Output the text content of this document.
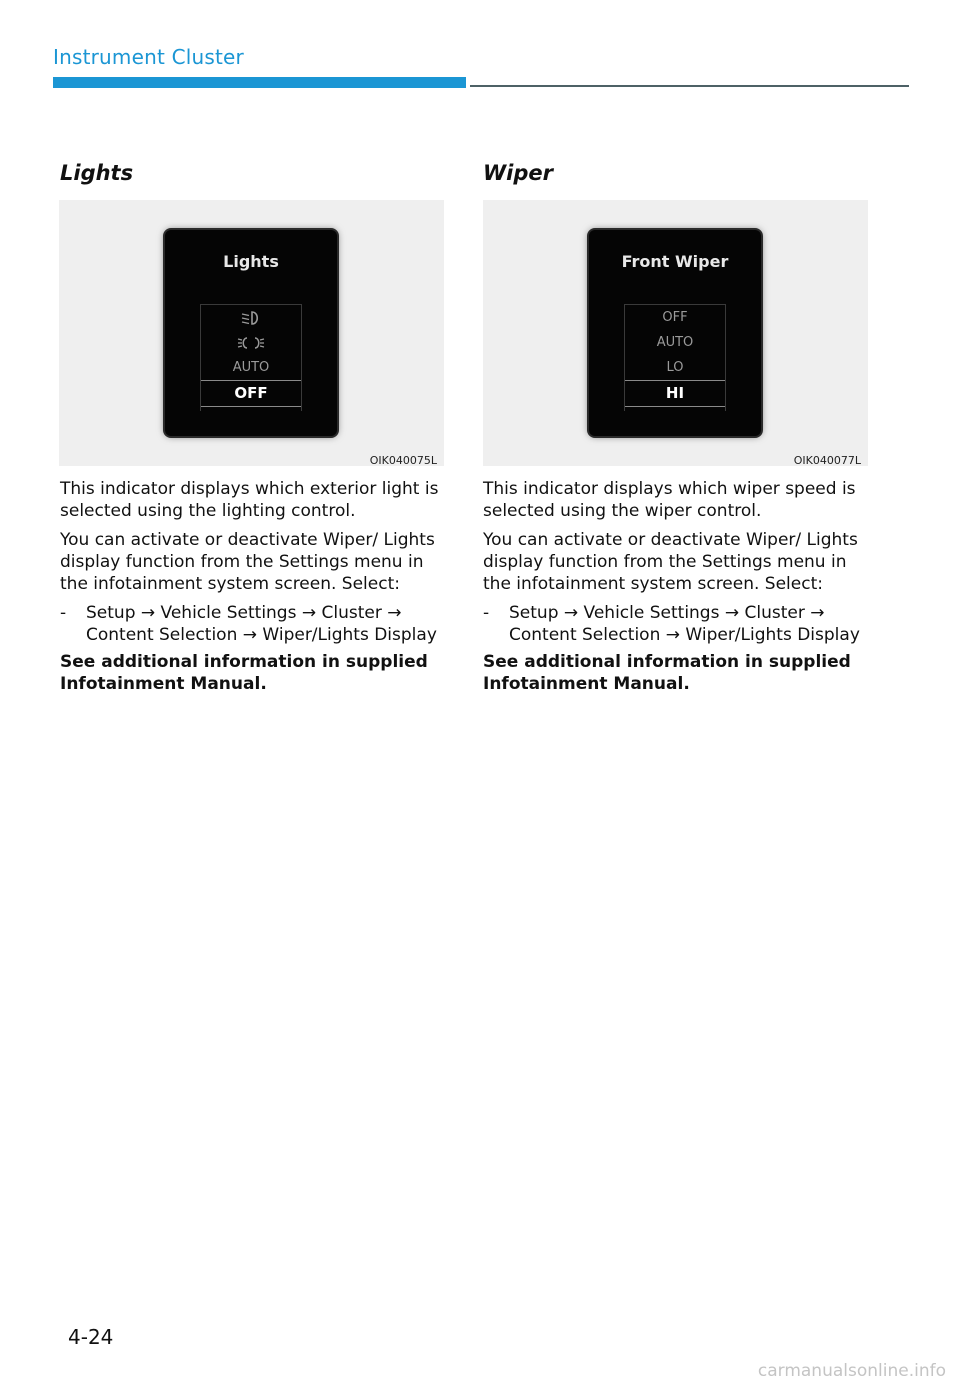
Instrument Cluster
Lights
Lights
AUTO
OFF
OIK040075L

This indicator displays which exterior light is selected using the lighting control.

You can activate or deactivate Wiper/ Lights display function from the Settings menu in the infotainment system screen. Select:

- Setup → Vehicle Settings → Cluster → Content Selection → Wiper/Lights Display

See additional information in supplied Infotainment Manual.

Wiper
Front Wiper
OFF
AUTO
LO
HI
OIK040077L

This indicator displays which wiper speed is selected using the wiper control.

You can activate or deactivate Wiper/ Lights display function from the Settings menu in the infotainment system screen. Select:

- Setup → Vehicle Settings → Cluster → Content Selection → Wiper/Lights Display

See additional information in supplied Infotainment Manual.

4-24
carmanualsonline.info
